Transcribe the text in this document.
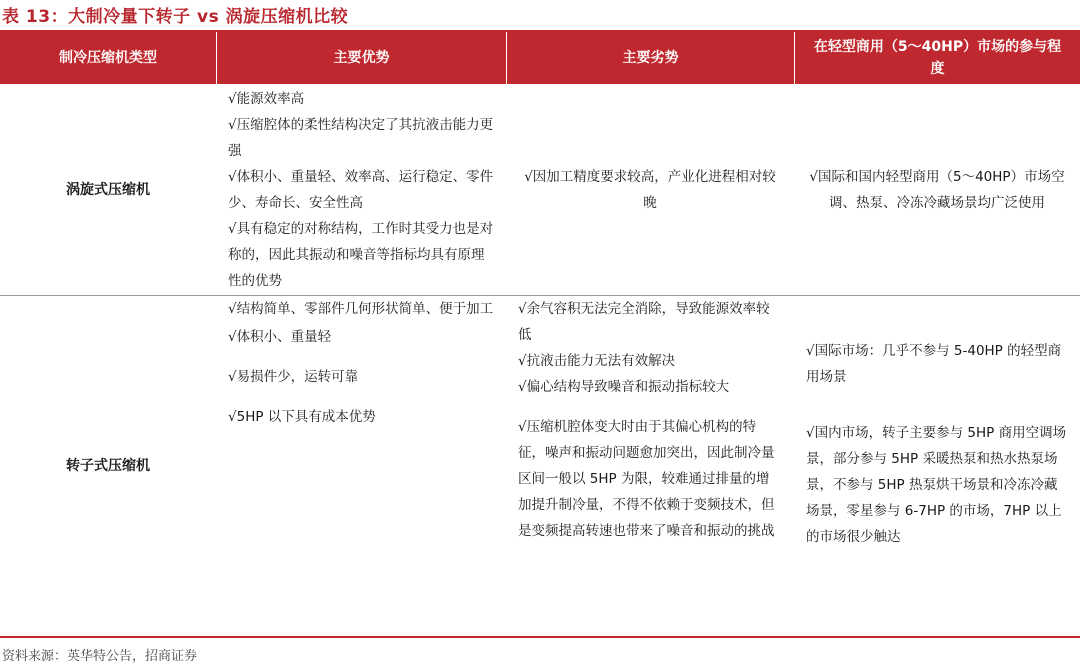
表 13：大制冷量下转子 vs 涡旋压缩机比较
制冷压缩机类型	主要优势	主要劣势
在轻型商用（5～40HP）市场的参与程度
涡旋式压缩机
√能源效率高
√压缩腔体的柔性结构决定了其抗液击能力更强
√体积小、重量轻、效率高、运行稳定、零件少、寿命长、安全性高
√具有稳定的对称结构，工作时其受力也是对称的，因此其振动和噪音等指标均具有原理性的优势
√因加工精度要求较高，产业化进程相对较晚
√国际和国内轻型商用（5～40HP）市场空调、热泵、冷冻冷藏场景均广泛使用
转子式压缩机
√结构简单、零部件几何形状简单、便于加工
√体积小、重量轻
√易损件少，运转可靠
√5HP 以下具有成本优势
√余气容积无法完全消除，导致能源效率较低
√抗液击能力无法有效解决
√偏心结构导致噪音和振动指标较大
√压缩机腔体变大时由于其偏心机构的特征，噪声和振动问题愈加突出，因此制冷量区间一般以 5HP 为限，较难通过排量的增加提升制冷量，不得不依赖于变频技术，但是变频提高转速也带来了噪音和振动的挑战
√国际市场：几乎不参与 5-40HP 的轻型商用场景
√国内市场，转子主要参与 5HP 商用空调场景，部分参与 5HP 采暖热泵和热水热泵场景，不参与 5HP 热泵烘干场景和冷冻冷藏场景，零星参与 6-7HP 的市场，7HP 以上的市场很少触达
资料来源：英华特公告，招商证券
